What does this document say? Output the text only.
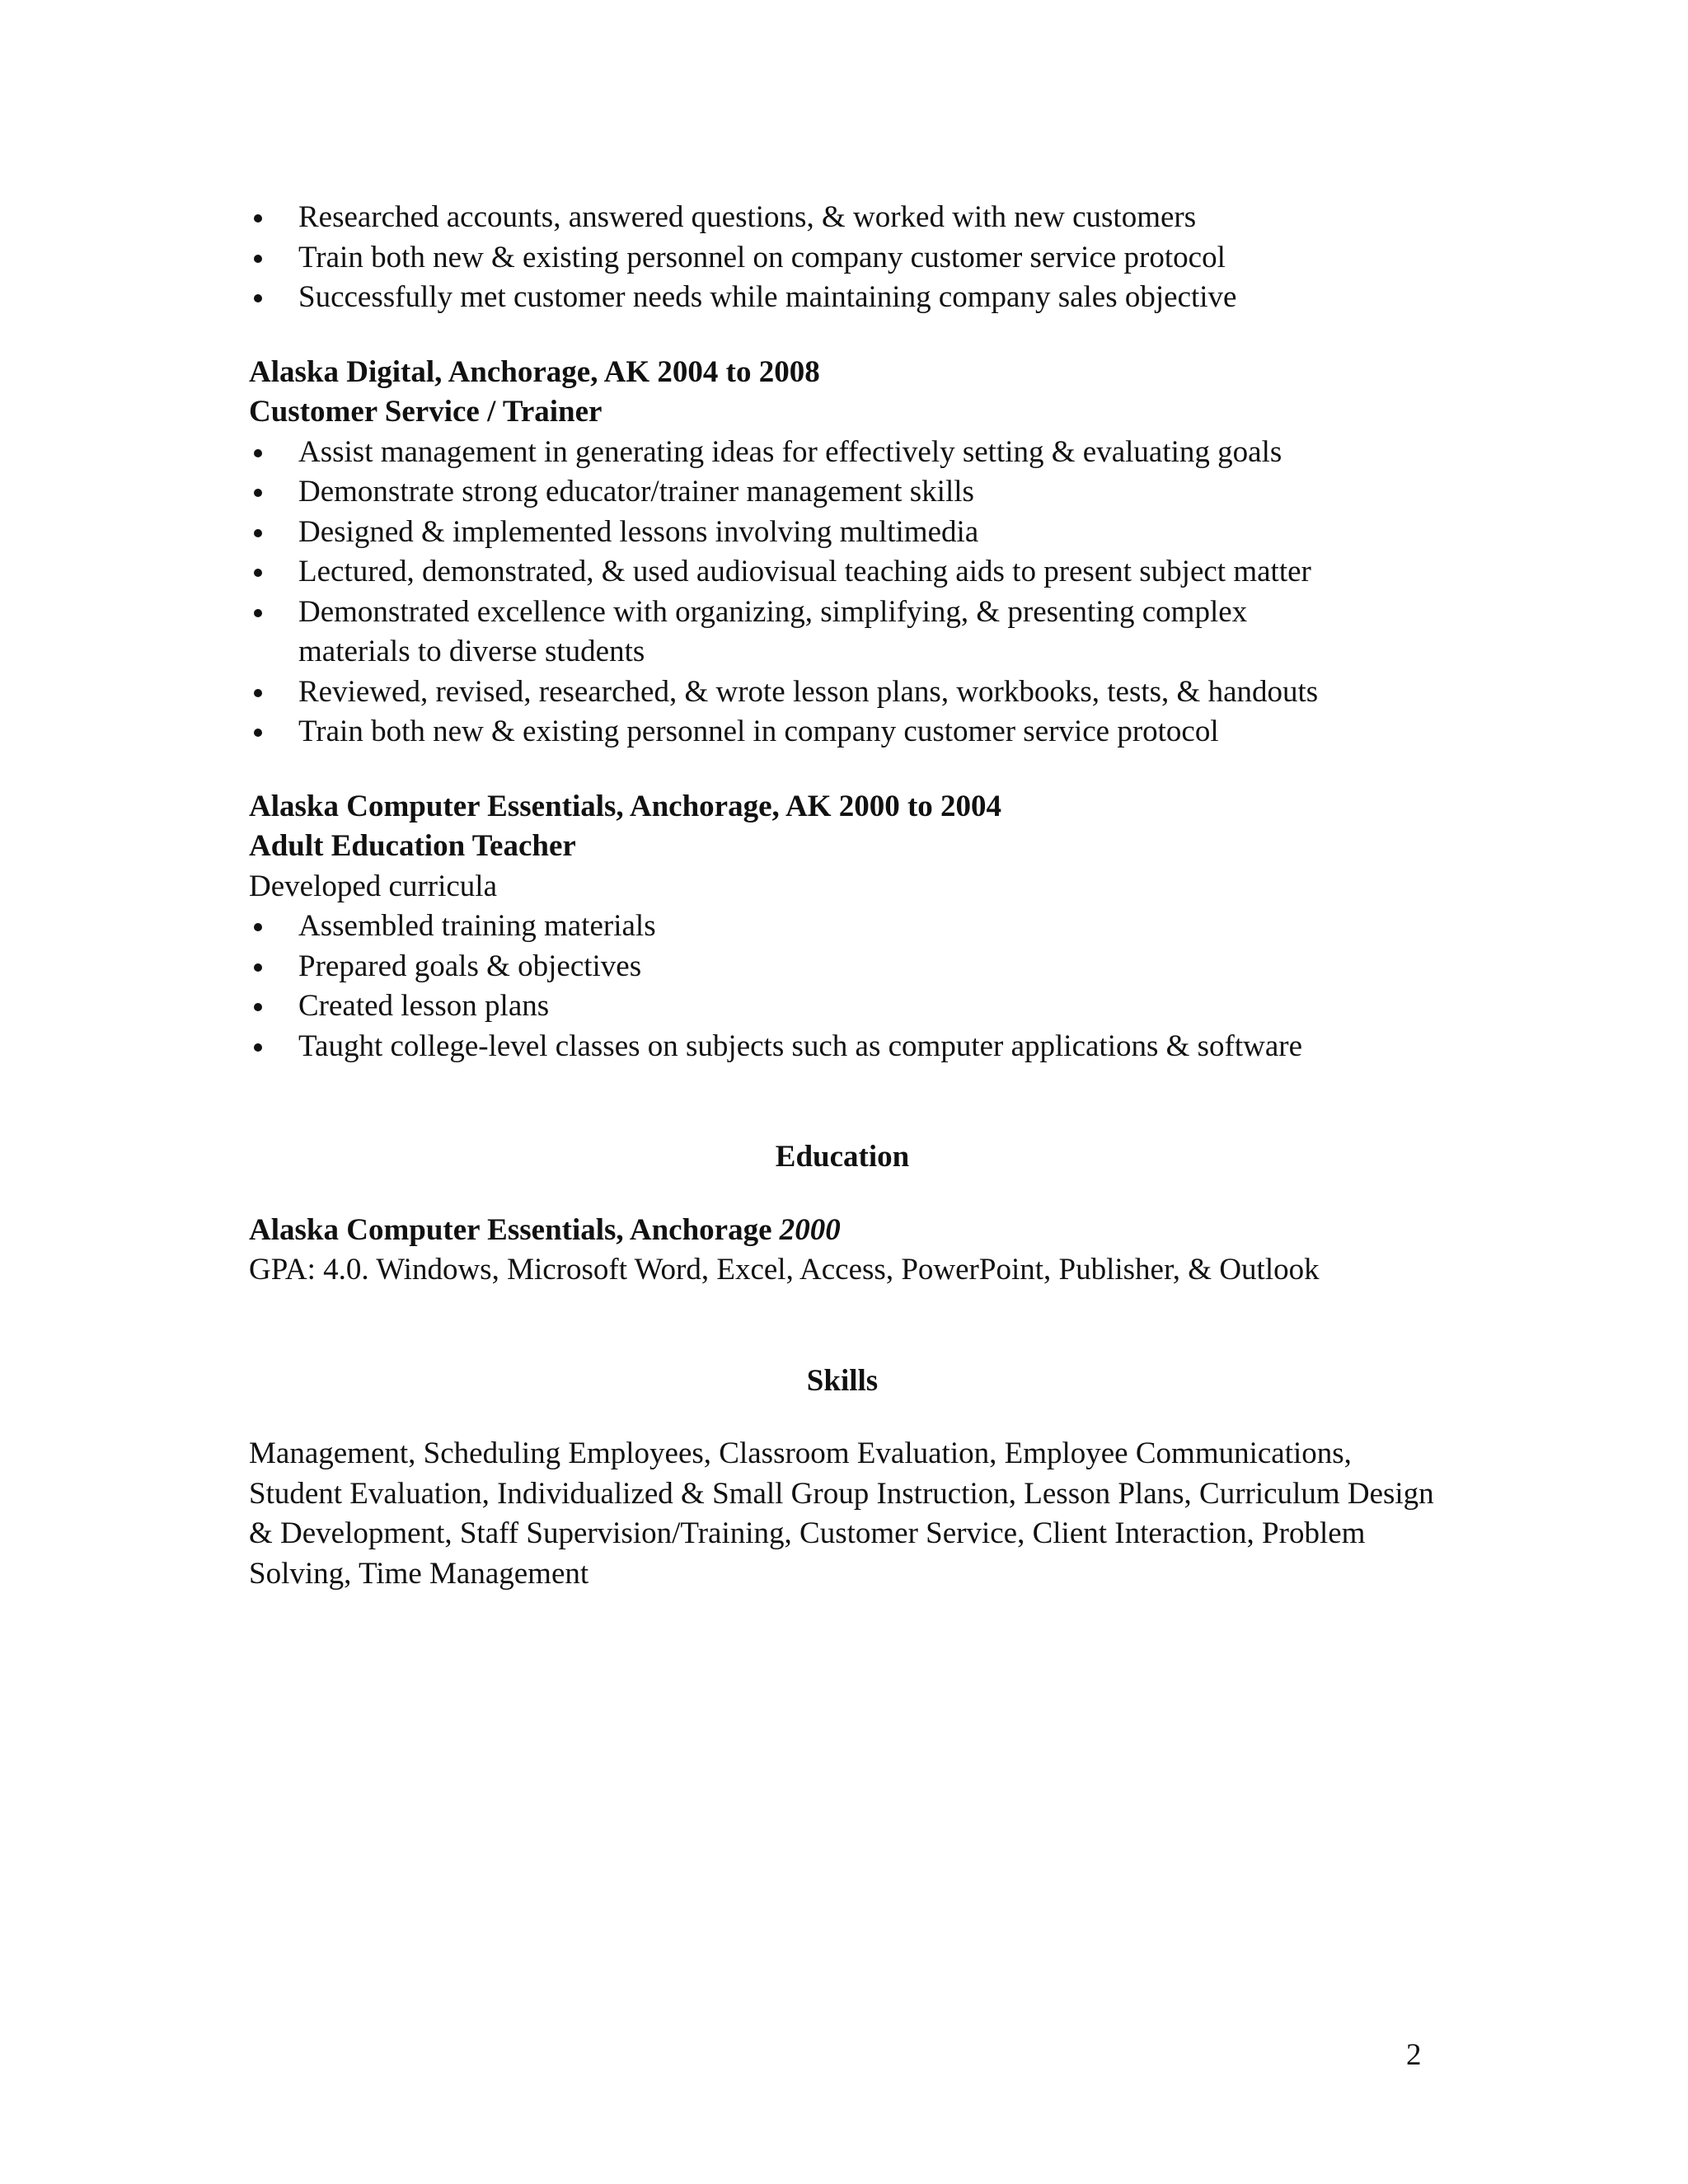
Researched accounts, answered questions, & worked with new customers
Train both new & existing personnel on company customer service protocol
Successfully met customer needs while maintaining company sales objective
Alaska Digital, Anchorage, AK 2004 to 2008
Customer Service / Trainer
Assist management in generating ideas for effectively setting & evaluating goals
Demonstrate strong educator/trainer management skills
Designed & implemented lessons involving multimedia
Lectured, demonstrated, & used audiovisual teaching aids to present subject matter
Demonstrated excellence with organizing, simplifying, & presenting complex materials to diverse students
Reviewed, revised, researched, & wrote lesson plans, workbooks, tests, & handouts
Train both new & existing personnel in company customer service protocol
Alaska Computer Essentials, Anchorage, AK 2000 to 2004
Adult Education Teacher
Developed curricula
Assembled training materials
Prepared goals & objectives
Created lesson plans
Taught college-level classes on subjects such as computer applications & software
Education
Alaska Computer Essentials, Anchorage 2000
GPA: 4.0. Windows, Microsoft Word, Excel, Access, PowerPoint, Publisher, & Outlook
Skills
Management, Scheduling Employees, Classroom Evaluation, Employee Communications, Student Evaluation, Individualized & Small Group Instruction, Lesson Plans, Curriculum Design & Development, Staff Supervision/Training, Customer Service, Client Interaction, Problem Solving, Time Management
2
